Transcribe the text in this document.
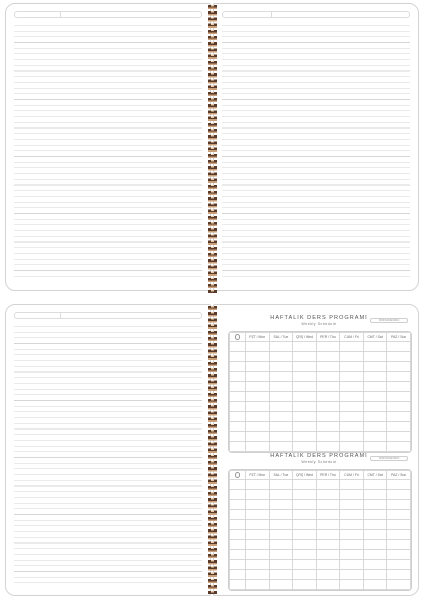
HAFTALIK DERS PROGRAMI
Weekly Schedule
İSİM/NAME/İMZA
	PZT / Mon	SAL / Tue	ÇRŞ / Wed	PER / Thu	CUM / Fri	CMT / Sat	PAZ / Sun

HAFTALIK DERS PROGRAMI
Weekly Schedule
İSİM/NAME/İMZA
	PZT / Mon	SAL / Tue	ÇRŞ / Wed	PER / Thu	CUM / Fri	CMT / Sat	PAZ / Sun
